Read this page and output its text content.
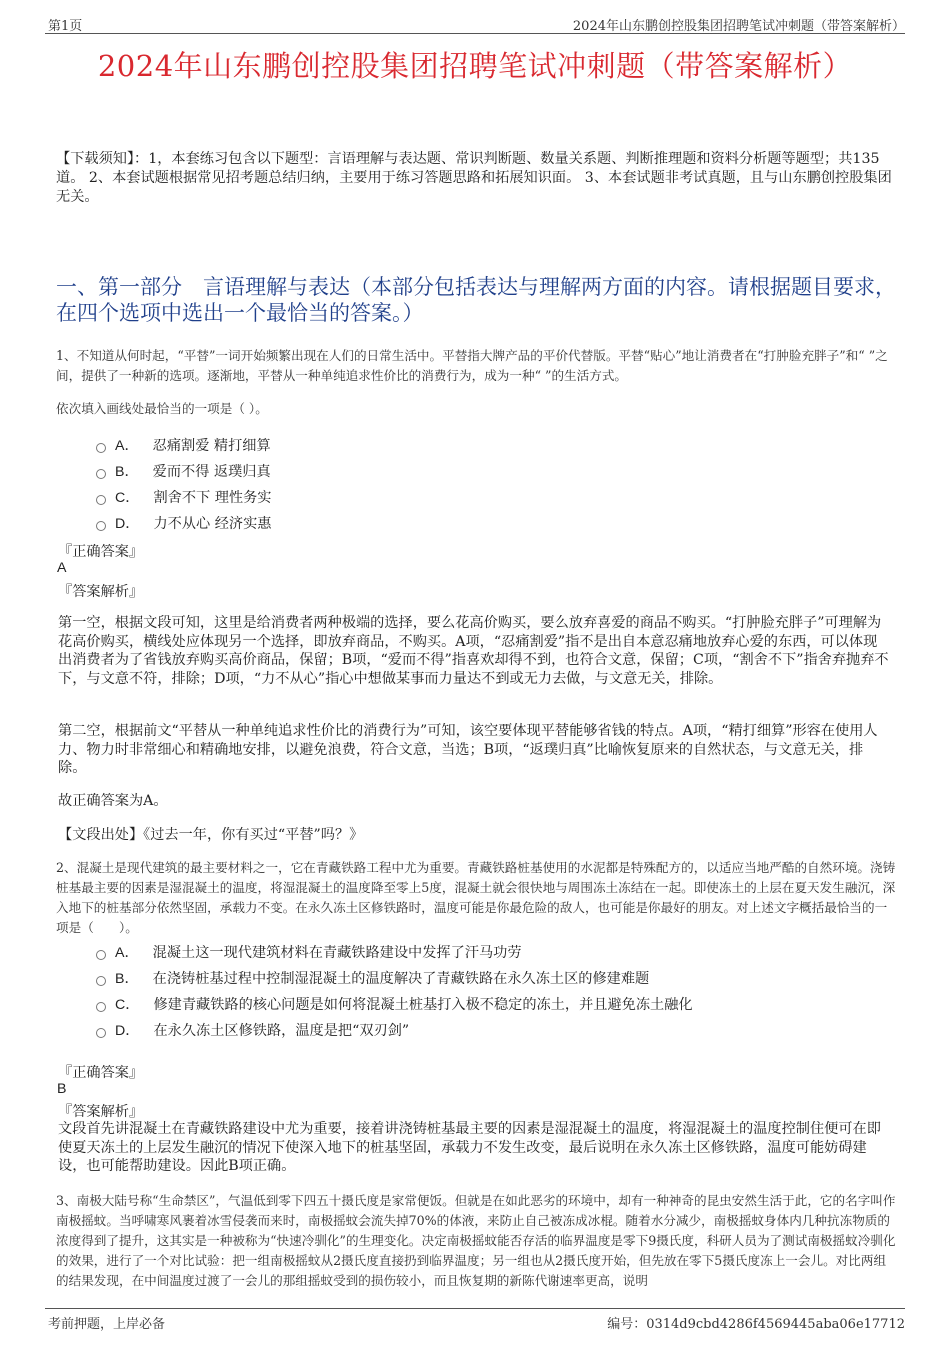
第1页	2024年山东鹏创控股集团招聘笔试冲刺题（带答案解析）
2024年山东鹏创控股集团招聘笔试冲刺题（带答案解析）
【下载须知】：1，本套练习包含以下题型：言语理解与表达题、常识判断题、数量关系题、判断推理题和资料分析题等题型；共135道。 2、本套试题根据常见招考题总结归纳，主要用于练习答题思路和拓展知识面。 3、本套试题非考试真题，且与山东鹏创控股集团无关。
一、第一部分　言语理解与表达（本部分包括表达与理解两方面的内容。请根据题目要求，在四个选项中选出一个最恰当的答案。）
1、不知道从何时起，“平替”一词开始频繁出现在人们的日常生活中。平替指大牌产品的平价代替版。平替“贴心”地让消费者在“打肿脸充胖子”和“ ”之间，提供了一种新的选项。逐渐地，平替从一种单纯追求性价比的消费行为，成为一种“ ”的生活方式。
依次填入画线处最恰当的一项是（ ）。
A． 忍痛割爱 精打细算
B． 爱而不得 返璞归真
C． 割舍不下 理性务实
D． 力不从心 经济实惠
『正确答案』
A
『答案解析』
第一空，根据文段可知，这里是给消费者两种极端的选择，要么花高价购买，要么放弃喜爱的商品不购买。“打肿脸充胖子”可理解为花高价购买，横线处应体现另一个选择，即放弃商品，不购买。A项，“忍痛割爱”指不是出自本意忍痛地放弃心爱的东西，可以体现出消费者为了省钱放弃购买高价商品，保留；B项，“爱而不得”指喜欢却得不到，也符合文意，保留；C项，“割舍不下”指舍弃抛弃不下，与文意不符，排除；D项，“力不从心”指心中想做某事而力量达不到或无力去做，与文意无关，排除。
第二空，根据前文“平替从一种单纯追求性价比的消费行为”可知，该空要体现平替能够省钱的特点。A项，“精打细算”形容在使用人力、物力时非常细心和精确地安排，以避免浪费，符合文意，当选；B项，“返璞归真”比喻恢复原来的自然状态，与文意无关，排除。
故正确答案为A。
【文段出处】《过去一年，你有买过“平替”吗？》
2、混凝土是现代建筑的最主要材料之一，它在青藏铁路工程中尤为重要。青藏铁路桩基使用的水泥都是特殊配方的，以适应当地严酷的自然环境。浇铸桩基最主要的因素是湿混凝土的温度，将湿混凝土的温度降至零上5度，混凝土就会很快地与周围冻土冻结在一起。即使冻土的上层在夏天发生融沉，深入地下的桩基部分依然坚固，承载力不变。在永久冻土区修铁路时，温度可能是你最危险的敌人，也可能是你最好的朋友。对上述文字概括最恰当的一项是（　　）。
A． 混凝土这一现代建筑材料在青藏铁路建设中发挥了汗马功劳
B． 在浇铸桩基过程中控制湿混凝土的温度解决了青藏铁路在永久冻土区的修建难题
C． 修建青藏铁路的核心问题是如何将混凝土桩基打入极不稳定的冻土，并且避免冻土融化
D． 在永久冻土区修铁路，温度是把“双刃剑”
『正确答案』
B
『答案解析』
文段首先讲混凝土在青藏铁路建设中尤为重要，接着讲浇铸桩基最主要的因素是湿混凝土的温度，将湿混凝土的温度控制住便可在即使夏天冻土的上层发生融沉的情况下使深入地下的桩基坚固，承载力不发生改变，最后说明在永久冻土区修铁路，温度可能妨碍建设，也可能帮助建设。因此B项正确。
3、南极大陆号称“生命禁区”，气温低到零下四五十摄氏度是家常便饭。但就是在如此恶劣的环境中，却有一种神奇的昆虫安然生活于此，它的名字叫作南极摇蚊。当呼啸寒风裹着冰雪侵袭而来时，南极摇蚊会流失掉70%的体液，来防止自己被冻成冰棍。随着水分减少，南极摇蚊身体内几种抗冻物质的浓度得到了提升，这其实是一种被称为“快速冷驯化”的生理变化。决定南极摇蚊能否存活的临界温度是零下9摄氏度，科研人员为了测试南极摇蚊冷驯化的效果，进行了一个对比试验：把一组南极摇蚊从2摄氏度直接扔到临界温度；另一组也从2摄氏度开始，但先放在零下5摄氏度冻上一会儿。对比两组的结果发现，在中间温度过渡了一会儿的那组摇蚊受到的损伤较小，而且恢复期的新陈代谢速率更高，说明
考前押题，上岸必备	编号：0314d9cbd4286f4569445aba06e17712
